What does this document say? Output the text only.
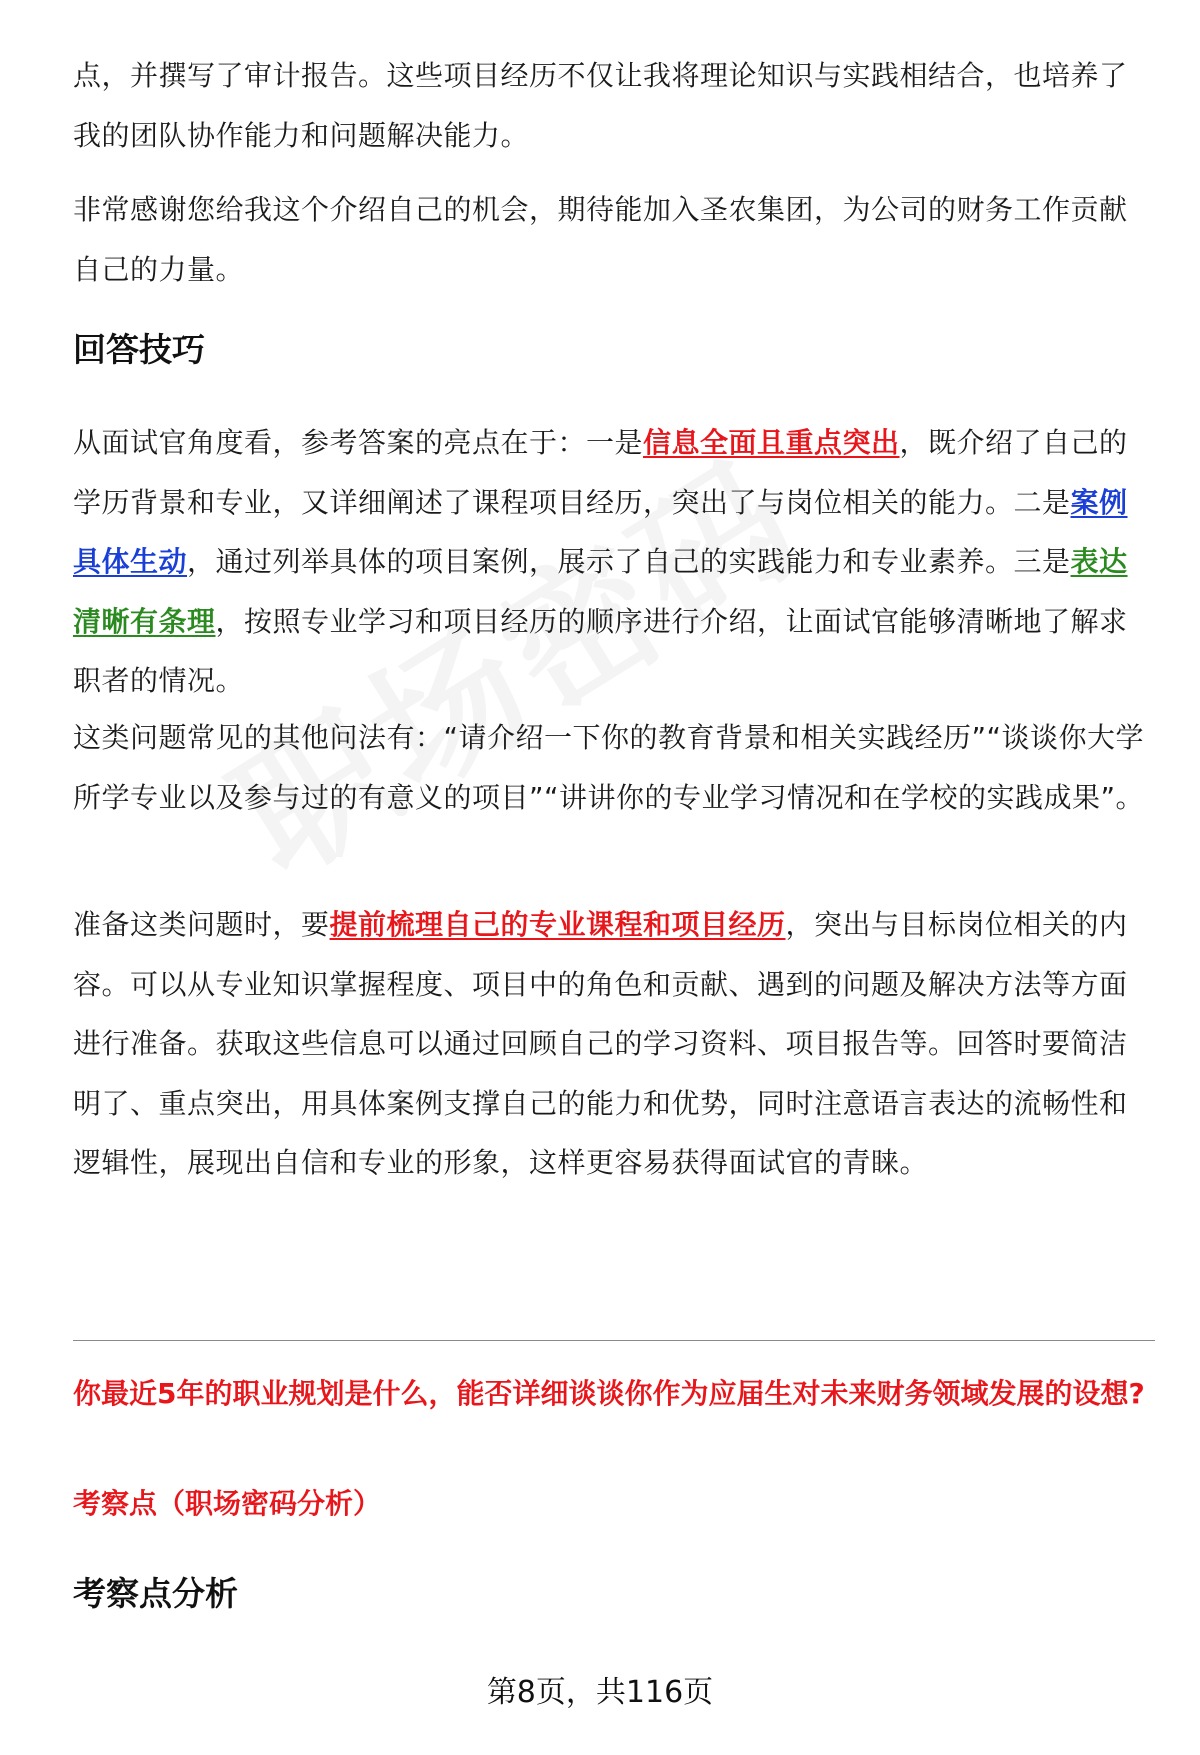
点，并撰写了审计报告。这些项目经历不仅让我将理论知识与实践相结合，也培养了我的团队协作能力和问题解决能力。

非常感谢您给我这个介绍自己的机会，期待能加入圣农集团，为公司的财务工作贡献自己的力量。

回答技巧

从面试官角度看，参考答案的亮点在于：一是信息全面且重点突出，既介绍了自己的学历背景和专业，又详细阐述了课程项目经历，突出了与岗位相关的能力。二是案例具体生动，通过列举具体的项目案例，展示了自己的实践能力和专业素养。三是表达清晰有条理，按照专业学习和项目经历的顺序进行介绍，让面试官能够清晰地了解求职者的情况。

这类问题常见的其他问法有：“请介绍一下你的教育背景和相关实践经历”“谈谈你大学所学专业以及参与过的有意义的项目”“讲讲你的专业学习情况和在学校的实践成果”。

准备这类问题时，要提前梳理自己的专业课程和项目经历，突出与目标岗位相关的内容。可以从专业知识掌握程度、项目中的角色和贡献、遇到的问题及解决方法等方面进行准备。获取这些信息可以通过回顾自己的学习资料、项目报告等。回答时要简洁明了、重点突出，用具体案例支撑自己的能力和优势，同时注意语言表达的流畅性和逻辑性，展现出自信和专业的形象，这样更容易获得面试官的青睐。

你最近5年的职业规划是什么，能否详细谈谈你作为应届生对未来财务领域发展的设想?

考察点（职场密码分析）

考察点分析
第8页，共116页
